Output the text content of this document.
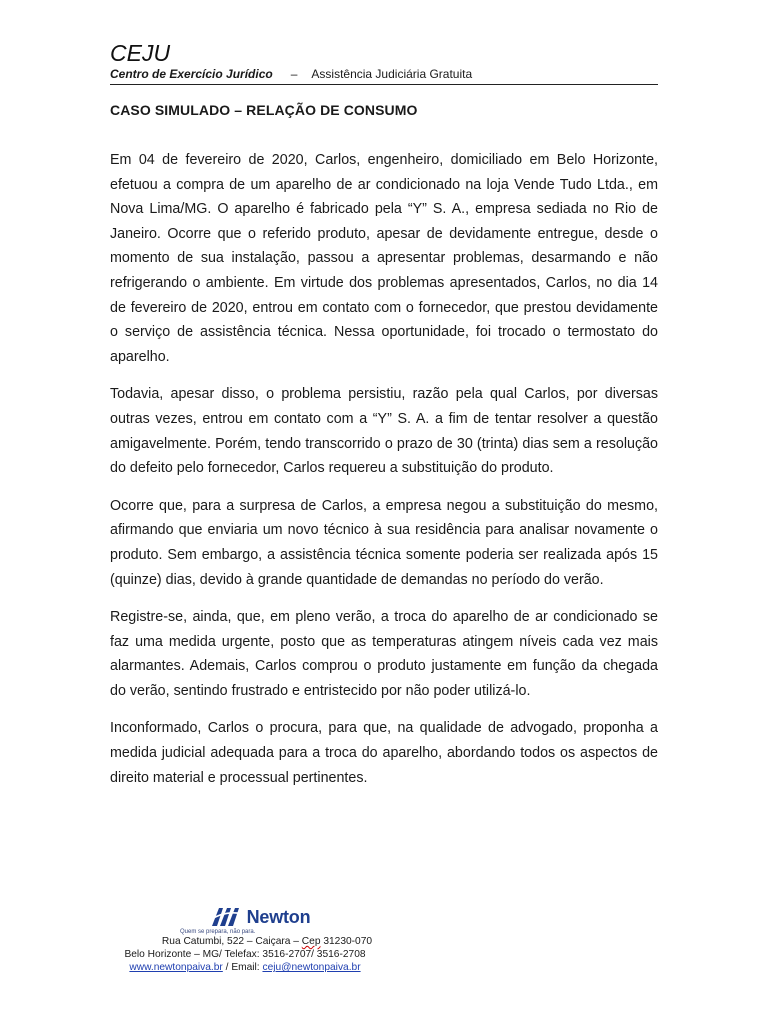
CEJU
Centro de Exercício Jurídico – Assistência Judiciária Gratuita
CASO SIMULADO – RELAÇÃO DE CONSUMO

Em 04 de fevereiro de 2020, Carlos, engenheiro, domiciliado em Belo Horizonte, efetuou a compra de um aparelho de ar condicionado na loja Vende Tudo Ltda., em Nova Lima/MG. O aparelho é fabricado pela “Y” S. A., empresa sediada no Rio de Janeiro. Ocorre que o referido produto, apesar de devidamente entregue, desde o momento de sua instalação, passou a apresentar problemas, desarmando e não refrigerando o ambiente. Em virtude dos problemas apresentados, Carlos, no dia 14 de fevereiro de 2020, entrou em contato com o fornecedor, que prestou devidamente o serviço de assistência técnica. Nessa oportunidade, foi trocado o termostato do aparelho.

Todavia, apesar disso, o problema persistiu, razão pela qual Carlos, por diversas outras vezes, entrou em contato com a “Y” S. A. a fim de tentar resolver a questão amigavelmente. Porém, tendo transcorrido o prazo de 30 (trinta) dias sem a resolução do defeito pelo fornecedor, Carlos requereu a substituição do produto.

Ocorre que, para a surpresa de Carlos, a empresa negou a substituição do mesmo, afirmando que enviaria um novo técnico à sua residência para analisar novamente o produto. Sem embargo, a assistência técnica somente poderia ser realizada após 15 (quinze) dias, devido à grande quantidade de demandas no período do verão.

Registre-se, ainda, que, em pleno verão, a troca do aparelho de ar condicionado se faz uma medida urgente, posto que as temperaturas atingem níveis cada vez mais alarmantes. Ademais, Carlos comprou o produto justamente em função da chegada do verão, sentindo frustrado e entristecido por não poder utilizá-lo.

Inconformado, Carlos o procura, para que, na qualidade de advogado, proponha a medida judicial adequada para a troca do aparelho, abordando todos os aspectos de direito material e processual pertinentes.

Newton
Quem se prepara, não para.
Rua Catumbi, 522 – Caiçara – Cep 31230-070
Belo Horizonte – MG/ Telefax: 3516-2707/ 3516-2708
www.newtonpaiva.br / Email: ceju@newtonpaiva.br
